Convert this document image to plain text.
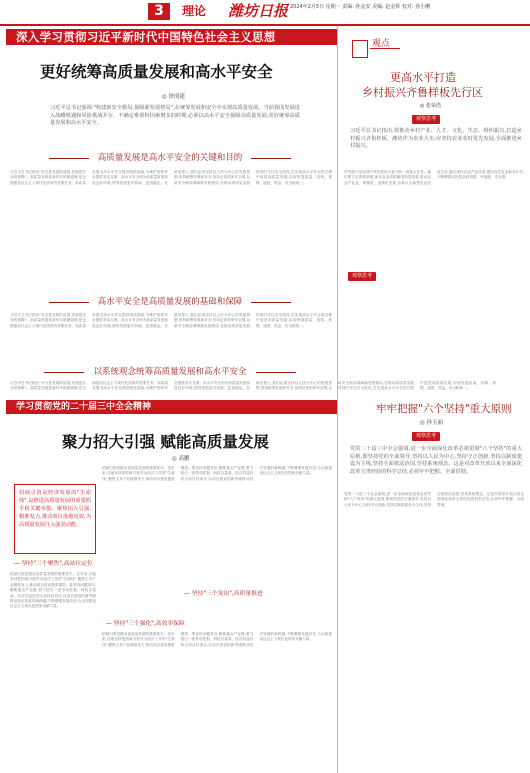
3	理论 潍坊日报 2024年2月5日 星期一 责编: 孙金安 美编: 赵金辉 校对: 孙小鹏
深入学习贯彻习近平新时代中国特色社会主义思想
更好统筹高质量发展和高水平安全
◎ 徐成建
习近平总书记强调:"构建新安全格局,保障新发展格局",在统筹发展和安全中实现高质量发展。当前我国发展进入战略机遇和风险挑战并存、不确定难预料因素增多的时期,必须以高水平安全保障高质量发展,更好统筹高质量发展和高水平安全。
高质量发展是高水平安全的关键和目的
习近平总书记指出"安全是发展的前提,发展是安全的保障"。高质量发展是新时代的硬道理,是全面建设社会主义现代化国家的首要任务。高质量发展为高水平安全提供物质基础,为维护国家安全提供坚实支撑。高水平安全则为高质量发展营造良好环境,使得发展更可持续、更加稳定。在新征程上,我们必须坚持以人民为中心的发展思想,坚持统筹发展和安全,坚持总体国家安全观,以新安全格局保障新发展格局,在推动高质量发展的同时守住安全底线,在实现高水平安全的过程中促进高质量发展,实现发展质量、结构、规模、速度、效益、安全相统一。
高水平安全是高质量发展的基础和保障
习近平总书记指出"安全是发展的前提,发展是安全的保障"。高质量发展是新时代的硬道理,是全面建设社会主义现代化国家的首要任务。高质量发展为高水平安全提供物质基础,为维护国家安全提供坚实支撑。高水平安全则为高质量发展营造良好环境,使得发展更可持续、更加稳定。在新征程上,我们必须坚持以人民为中心的发展思想,坚持统筹发展和安全,坚持总体国家安全观,以新安全格局保障新发展格局,在推动高质量发展的同时守住安全底线,在实现高水平安全的过程中促进高质量发展,实现发展质量、结构、规模、速度、效益、安全相统一。
以系统观念统筹高质量发展和高水平安全
习近平总书记指出"安全是发展的前提,发展是安全的保障"。高质量发展是新时代的硬道理,是全面建设社会主义现代化国家的首要任务。高质量发展为高水平安全提供物质基础,为维护国家安全提供坚实支撑。高水平安全则为高质量发展营造良好环境,使得发展更可持续、更加稳定。在新征程上,我们必须坚持以人民为中心的发展思想,坚持统筹发展和安全,坚持总体国家安全观,以新安全格局保障新发展格局,在推动高质量发展的同时守住安全底线,在实现高水平安全的过程中促进高质量发展,实现发展质量、结构、规模、速度、效益、安全相统一。
学习贯彻党的二十届三中全会精神
聚力招大引强 赋能高质量发展
◎ 高鹏
招商引资是经济发展的"生命线",是推进高质量发展的重要抓手和关键举措。聚焦招大引强,精准发力,推动项目落地见效,为高质量发展注入强劲动能。
— 坚持"三个聚焦",高站位定位
招商引资是推动高质量发展的重要抓手。近年来,各地坚持把招商引资作为经济工作的"生命线",聚焦主导产业精准发力,推动项目建设提质增效。要坚持问题导向,聚焦重点产业链,着力招引一批带动性强、科技含量高、经济效益好的大项目好项目,以项目建设的新突破推动经济发展的新跨越,不断增强发展后劲,为全面建设社会主义现代化国家贡献力量。
招商引资是推动高质量发展的重要抓手。近年来,各地坚持把招商引资作为经济工作的"生命线",聚焦主导产业精准发力,推动项目建设提质增效。要坚持问题导向,聚焦重点产业链,着力招引一批带动性强、科技含量高、经济效益好的大项目好项目,以项目建设的新突破推动经济发展的新跨越,不断增强发展后劲,为全面建设社会主义现代化国家贡献力量。
— 坚持"三个强化",高效率保障
— 坚持"三个突出",高质量推进
招商引资是推动高质量发展的重要抓手。近年来,各地坚持把招商引资作为经济工作的"生命线",聚焦主导产业精准发力,推动项目建设提质增效。要坚持问题导向,聚焦重点产业链,着力招引一批带动性强、科技含量高、经济效益好的大项目好项目,以项目建设的新突破推动经济发展的新跨越,不断增强发展后劲,为全面建设社会主义现代化国家贡献力量。
观点
更高水平打造
乡村振兴齐鲁样板先行区
◎ 张荣浩
观察思考
习近平总书记指出,要推动乡村产业、人才、文化、生态、组织振兴,打造乡村振兴齐鲁样板。潍坊作为农业大市,应坚持农业农村优先发展,全面推进乡村振兴。
乡村振兴是实现中华民族伟大复兴的一项重大任务。潍坊要立足资源禀赋,深化农业供给侧结构性改革,推动农业产业化、规模化、品牌化发展,培育壮大新型农业经营主体,健全现代农业产业体系,建设宜居宜业和美乡村,不断增强农民群众获得感、幸福感、安全感。
观察思考
牢牢把握"六个坚持"重大原则
◎ 孙玉丽
观察思考
党的二十届三中全会强调,进一步全面深化改革必须贯彻"六个坚持"的重大原则,即坚持党的全面领导,坚持以人民为中心,坚持守正创新,坚持以制度建设为主线,坚持全面依法治国,坚持系统观念。这是对改革开放以来全面深化改革宝贵经验的科学总结,必须牢牢把握、全面贯彻。
党的二十届三中全会强调,进一步全面深化改革必须贯彻"六个坚持"的重大原则,即坚持党的全面领导,坚持以人民为中心,坚持守正创新,坚持以制度建设为主线,坚持全面依法治国,坚持系统观念。这是对改革开放以来全面深化改革宝贵经验的科学总结,必须牢牢把握、全面贯彻。
